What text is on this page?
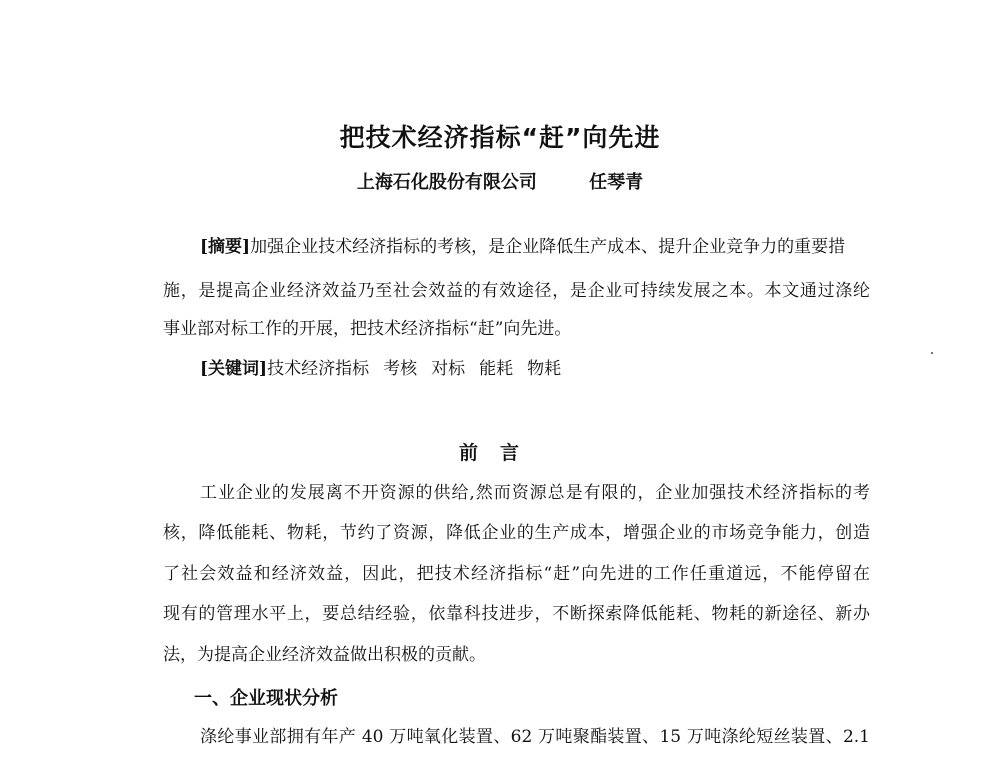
把技术经济指标“赶”向先进
上海石化股份有限公司	任琴青
[摘要]加强企业技术经济指标的考核，是企业降低生产成本、提升企业竞争力的重要措
施，是提高企业经济效益乃至社会效益的有效途径，是企业可持续发展之本。本文通过涤纶
事业部对标工作的开展，把技术经济指标“赶”向先进。
[关键词]技术经济指标 考核 对标 能耗 物耗
前言
工业企业的发展离不开资源的供给,然而资源总是有限的，企业加强技术经济指标的考
核，降低能耗、物耗，节约了资源，降低企业的生产成本，增强企业的市场竞争能力，创造
了社会效益和经济效益，因此，把技术经济指标“赶”向先进的工作任重道远，不能停留在
现有的管理水平上，要总结经验，依靠科技进步，不断探索降低能耗、物耗的新途径、新办
法，为提高企业经济效益做出积极的贡献。
一、企业现状分析
涤纶事业部拥有年产 40 万吨氧化装置、62 万吨聚酯装置、15 万吨涤纶短丝装置、2.1
